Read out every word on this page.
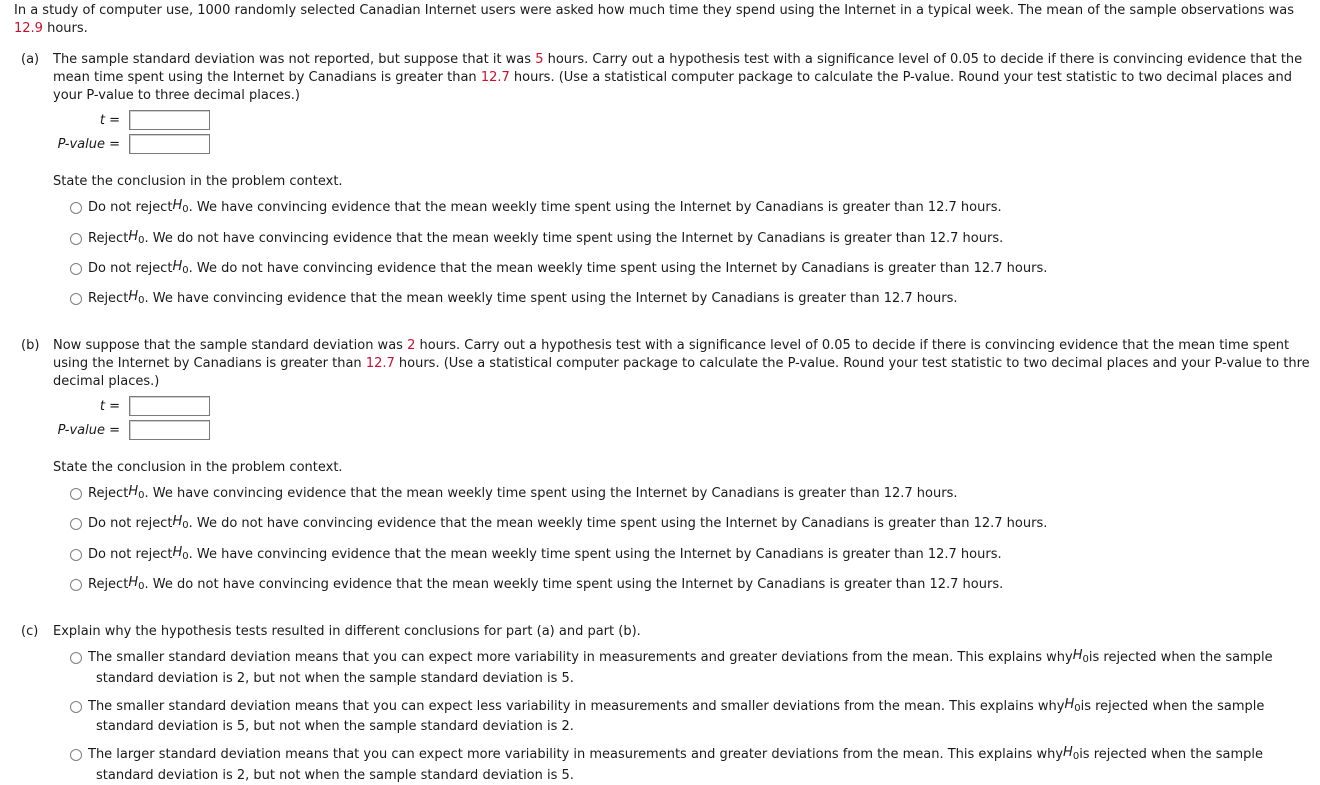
In a study of computer use, 1000 randomly selected Canadian Internet users were asked how much time they spend using the Internet in a typical week. The mean of the sample observations was
12.9 hours.
(a) The sample standard deviation was not reported, but suppose that it was 5 hours. Carry out a hypothesis test with a significance level of 0.05 to decide if there is convincing evidence that the
mean time spent using the Internet by Canadians is greater than 12.7 hours. (Use a statistical computer package to calculate the P-value. Round your test statistic to two decimal places and
your P-value to three decimal places.)
t =
P-value =
State the conclusion in the problem context.
Do not reject $H_0$ . We have convincing evidence that the mean weekly time spent using the Internet by Canadians is greater than 12.7 hours.
Reject $H_0$ . We do not have convincing evidence that the mean weekly time spent using the Internet by Canadians is greater than 12.7 hours.
Do not reject $H_0$ . We do not have convincing evidence that the mean weekly time spent using the Internet by Canadians is greater than 12.7 hours.
Reject $H_0$ . We have convincing evidence that the mean weekly time spent using the Internet by Canadians is greater than 12.7 hours.
(b) Now suppose that the sample standard deviation was 2 hours. Carry out a hypothesis test with a significance level of 0.05 to decide if there is convincing evidence that the mean time spent
using the Internet by Canadians is greater than 12.7 hours. (Use a statistical computer package to calculate the P-value. Round your test statistic to two decimal places and your P-value to thre
decimal places.)
t =
P-value =
State the conclusion in the problem context.
Reject $H_0$ . We have convincing evidence that the mean weekly time spent using the Internet by Canadians is greater than 12.7 hours.
Do not reject $H_0$ . We do not have convincing evidence that the mean weekly time spent using the Internet by Canadians is greater than 12.7 hours.
Do not reject $H_0$ . We have convincing evidence that the mean weekly time spent using the Internet by Canadians is greater than 12.7 hours.
Reject $H_0$ . We do not have convincing evidence that the mean weekly time spent using the Internet by Canadians is greater than 12.7 hours.
(c) Explain why the hypothesis tests resulted in different conclusions for part (a) and part (b).
The smaller standard deviation means that you can expect more variability in measurements and greater deviations from the mean. This explains why $H_0$ is rejected when the sample
standard deviation is 2, but not when the sample standard deviation is 5.
The smaller standard deviation means that you can expect less variability in measurements and smaller deviations from the mean. This explains why $H_0$ is rejected when the sample
standard deviation is 5, but not when the sample standard deviation is 2.
The larger standard deviation means that you can expect more variability in measurements and greater deviations from the mean. This explains why $H_0$ is rejected when the sample
standard deviation is 2, but not when the sample standard deviation is 5.
